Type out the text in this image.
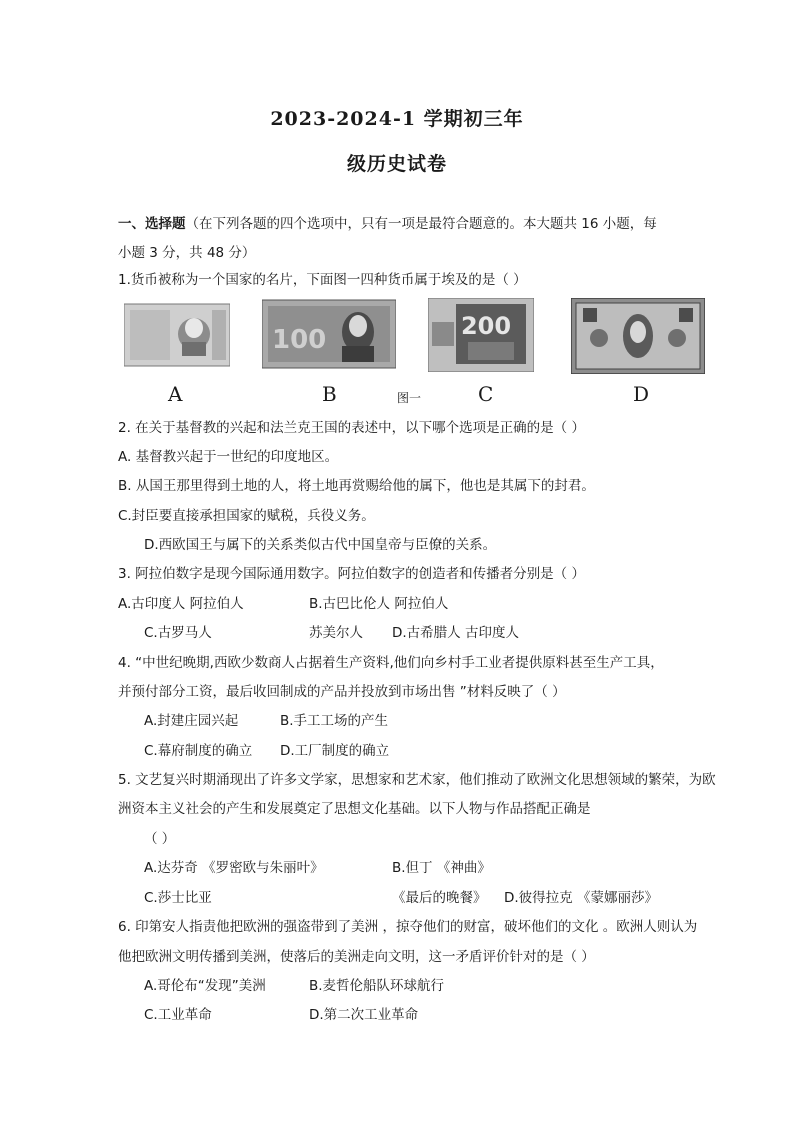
2023-2024-1 学期初三年
级历史试卷
一、选择题（在下列各题的四个选项中，只有一项是最符合题意的。本大题共 16 小题，每
小题 3 分，共 48 分）
1.货币被称为一个国家的名片，下面图一四种货币属于埃及的是（ ）
100	200
A	B	C	D
图一
2. 在关于基督教的兴起和法兰克王国的表述中，以下哪个选项是正确的是（ ）
A. 基督教兴起于一世纪的印度地区。
B. 从国王那里得到土地的人，将土地再赏赐给他的属下，他也是其属下的封君。
C.封臣要直接承担国家的赋税，兵役义务。
D.西欧国王与属下的关系类似古代中国皇帝与臣僚的关系。
3. 阿拉伯数字是现今国际通用数字。阿拉伯数字的创造者和传播者分别是（ ）
A.古印度人 阿拉伯人	B.古巴比伦人 阿拉伯人
C.古罗马人	苏美尔人 D.古希腊人 古印度人
4. “中世纪晚期,西欧少数商人占据着生产资料,他们向乡村手工业者提供原料甚至生产工具，
并预付部分工资，最后收回制成的产品并投放到市场出售 ”材料反映了（ ）
A.封建庄园兴起	B.手工工场的产生
C.幕府制度的确立 D.工厂制度的确立
5. 文艺复兴时期涌现出了许多文学家，思想家和艺术家，他们推动了欧洲文化思想领域的繁荣，为欧
洲资本主义社会的产生和发展奠定了思想文化基础。以下人物与作品搭配正确是
（ ）
A.达芬奇 《罗密欧与朱丽叶》	B.但丁 《神曲》
C.莎士比亚	《最后的晚餐》 D.彼得拉克 《蒙娜丽莎》
6. 印第安人指责他把欧洲的强盗带到了美洲 ，掠夺他们的财富，破坏他们的文化 。欧洲人则认为
他把欧洲文明传播到美洲，使落后的美洲走向文明，这一矛盾评价针对的是（ ）
A.哥伦布“发现”美洲	B.麦哲伦船队环球航行
C.工业革命	D.第二次工业革命
